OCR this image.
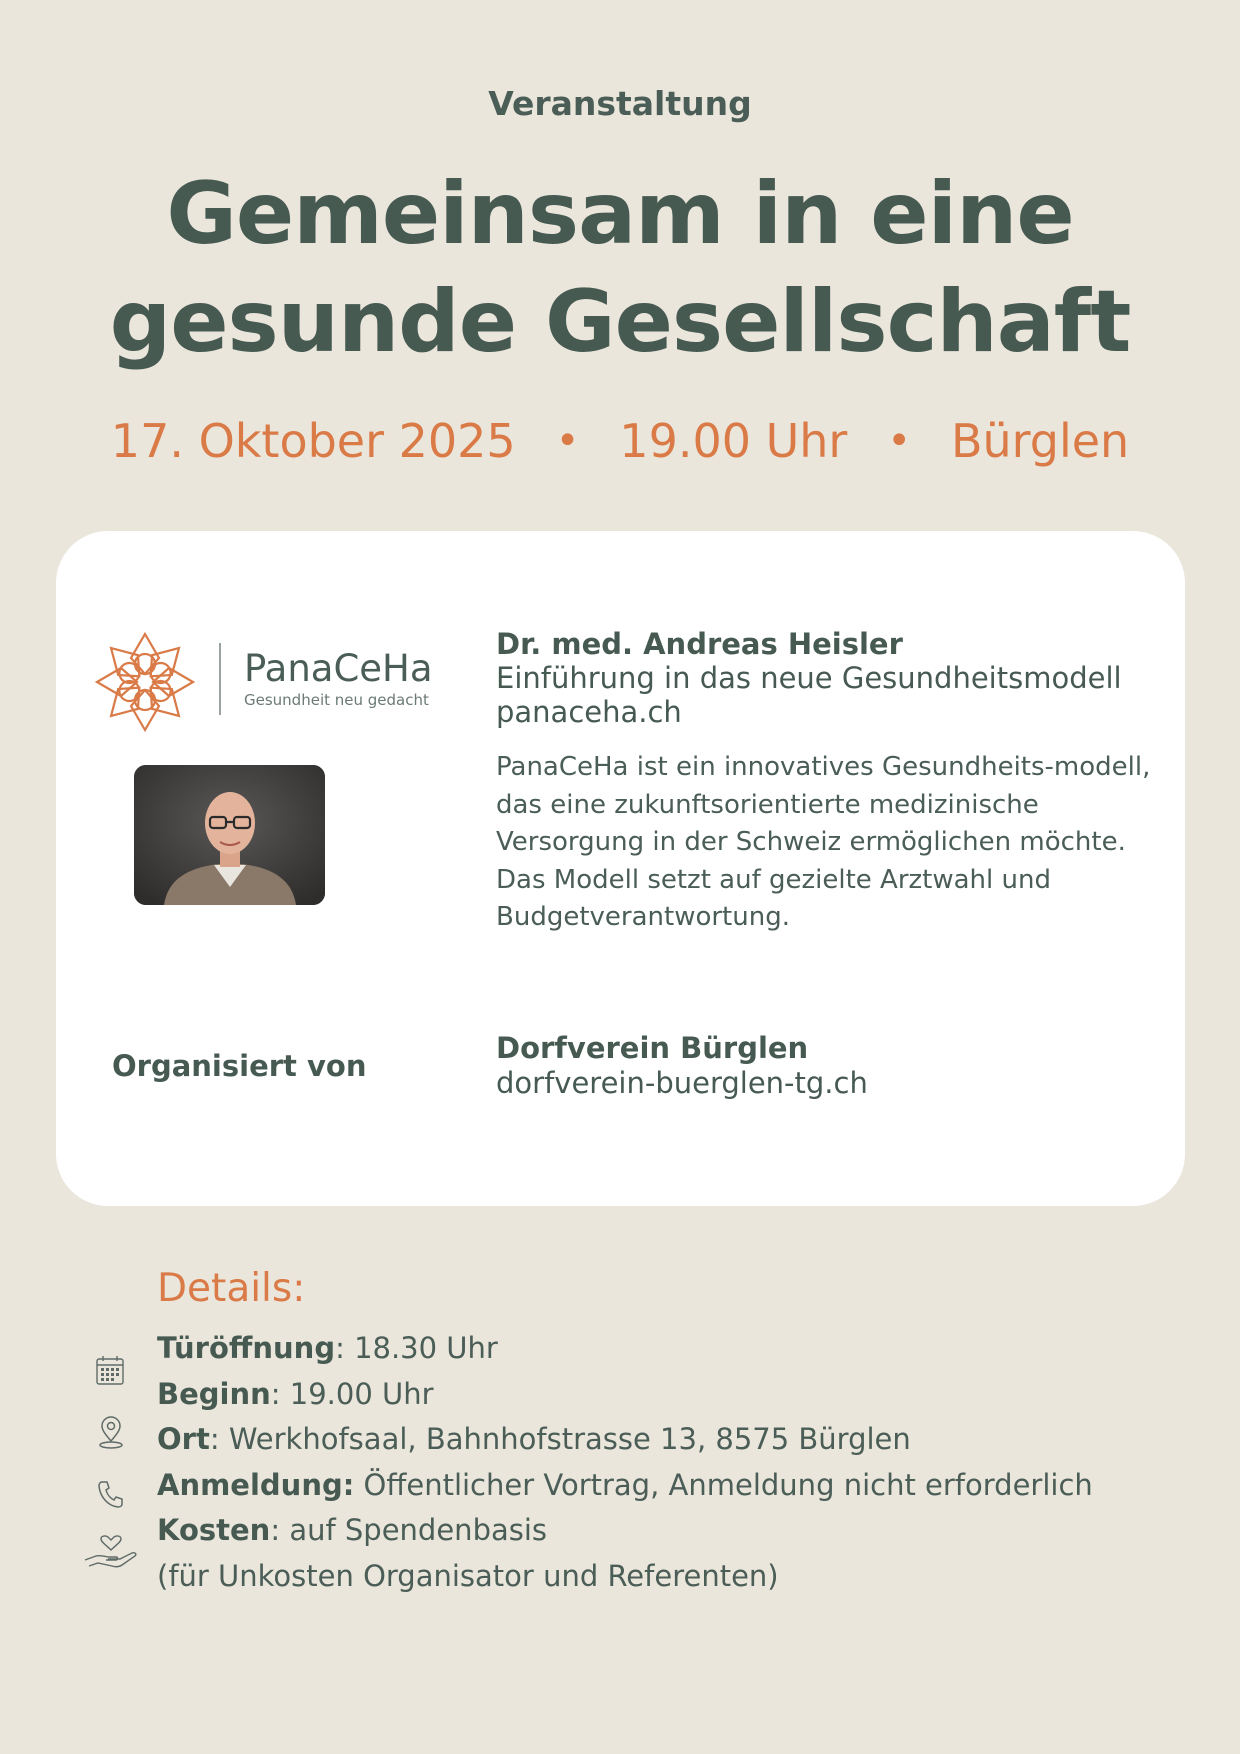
Veranstaltung
Gemeinsam in eine
gesunde Gesellschaft
17. Oktober 2025 • 19.00 Uhr • Bürglen
PanaCeHa
Gesundheit neu gedacht
Dr. med. Andreas Heisler
Einführung in das neue Gesundheitsmodell
panaceha.ch
PanaCeHa ist ein innovatives Gesundheits-modell, das eine zukunftsorientierte medizinische Versorgung in der Schweiz ermöglichen möchte. Das Modell setzt auf gezielte Arztwahl und Budgetverantwortung.
Organisiert von
Dorfverein Bürglen
dorfverein-buerglen-tg.ch
Details:
Türöffnung: 18.30 Uhr
Beginn: 19.00 Uhr
Ort: Werkhofsaal, Bahnhofstrasse 13, 8575 Bürglen
Anmeldung: Öffentlicher Vortrag, Anmeldung nicht erforderlich
Kosten: auf Spendenbasis
(für Unkosten Organisator und Referenten)
